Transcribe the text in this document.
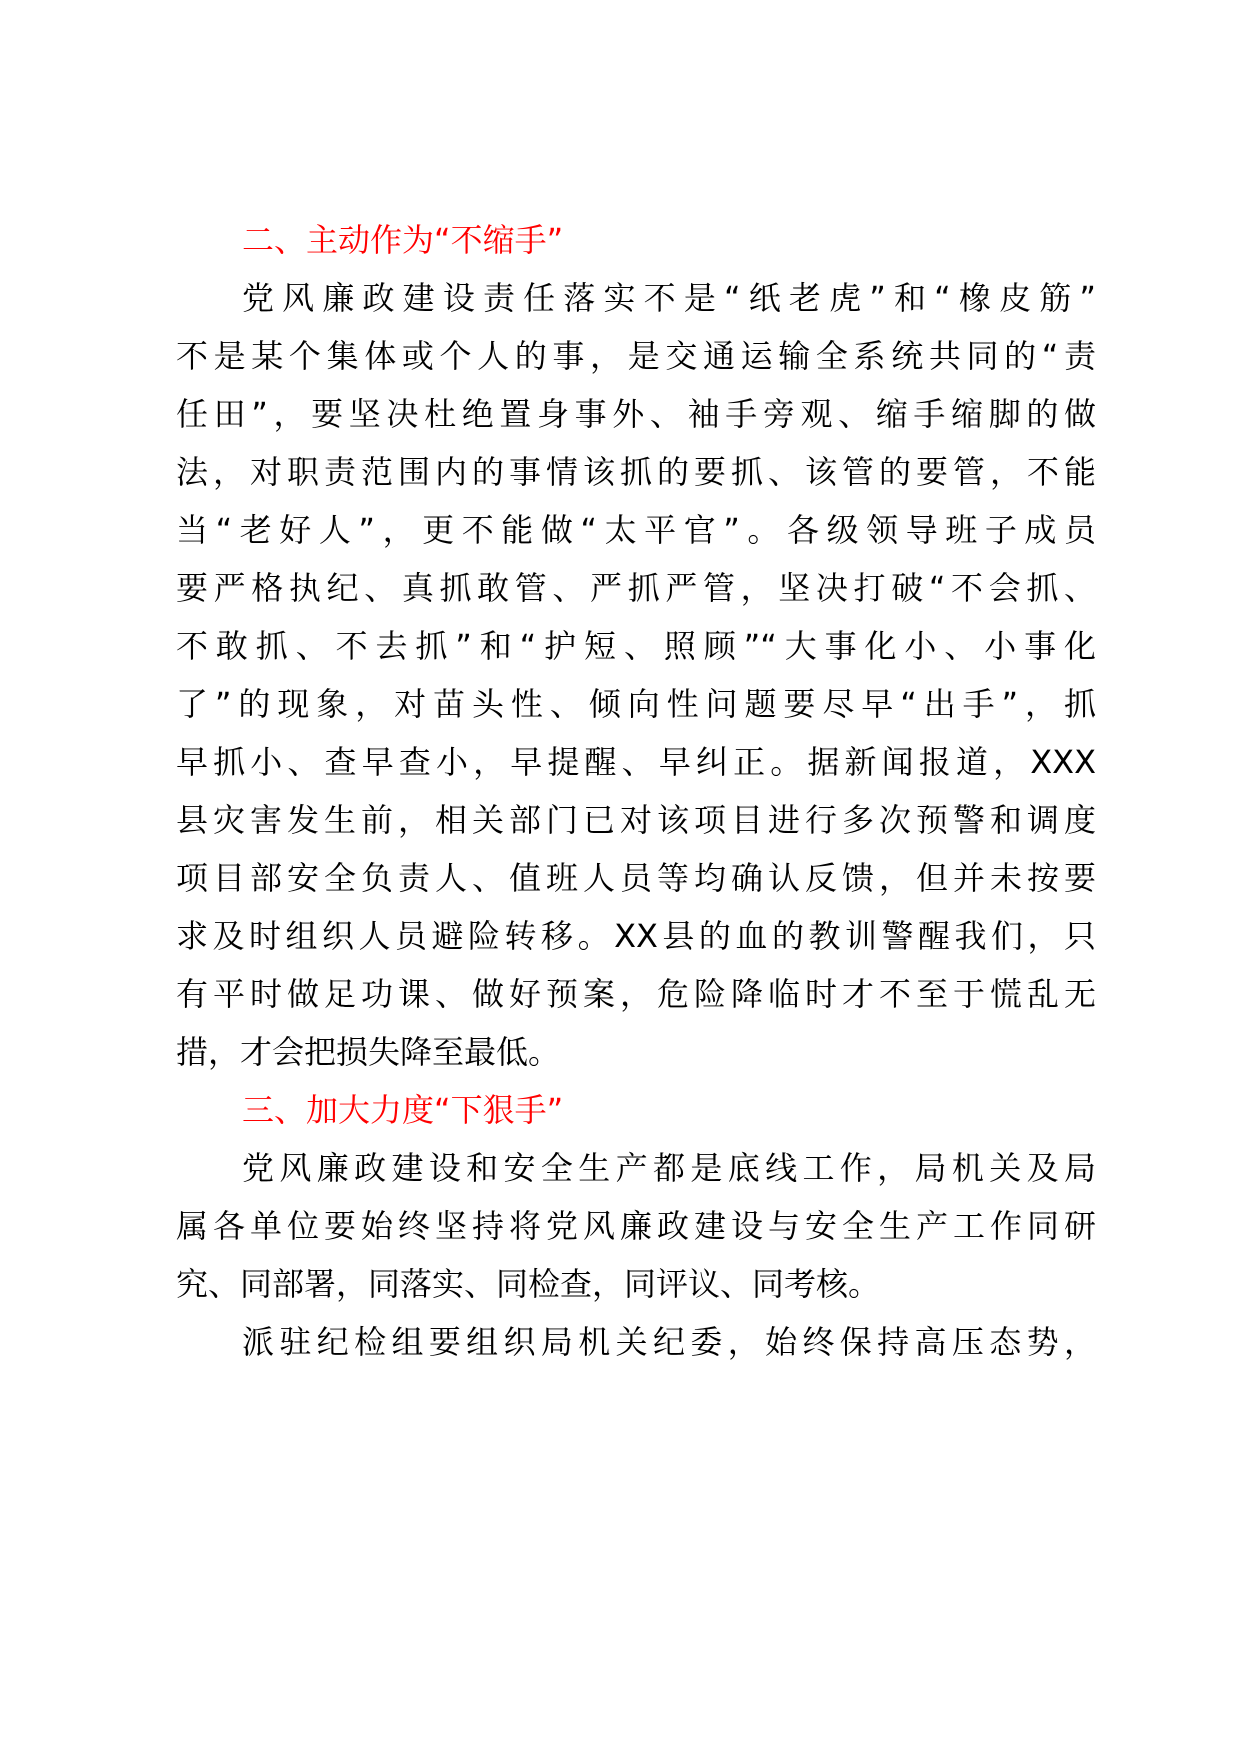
二、主动作为“不缩手”
党风廉政建设责任落实不是“纸老虎”和“橡皮筋”
不是某个集体或个人的事，是交通运输全系统共同的“责
任田”，要坚决杜绝置身事外、袖手旁观、缩手缩脚的做
法，对职责范围内的事情该抓的要抓、该管的要管，不能
当“老好人”，更不能做“太平官”。各级领导班子成员
要严格执纪、真抓敢管、严抓严管，坚决打破“不会抓、
不敢抓、不去抓”和“护短、照顾”“大事化小、小事化
了”的现象，对苗头性、倾向性问题要尽早“出手”，抓
早抓小、查早查小，早提醒、早纠正。据新闻报道，XXX
县灾害发生前，相关部门已对该项目进行多次预警和调度
项目部安全负责人、值班人员等均确认反馈，但并未按要
求及时组织人员避险转移。XX县的血的教训警醒我们，只
有平时做足功课、做好预案，危险降临时才不至于慌乱无
措，才会把损失降至最低。
三、加大力度“下狠手”
党风廉政建设和安全生产都是底线工作，局机关及局
属各单位要始终坚持将党风廉政建设与安全生产工作同研
究、同部署，同落实、同检查，同评议、同考核。
派驻纪检组要组织局机关纪委，始终保持高压态势，
